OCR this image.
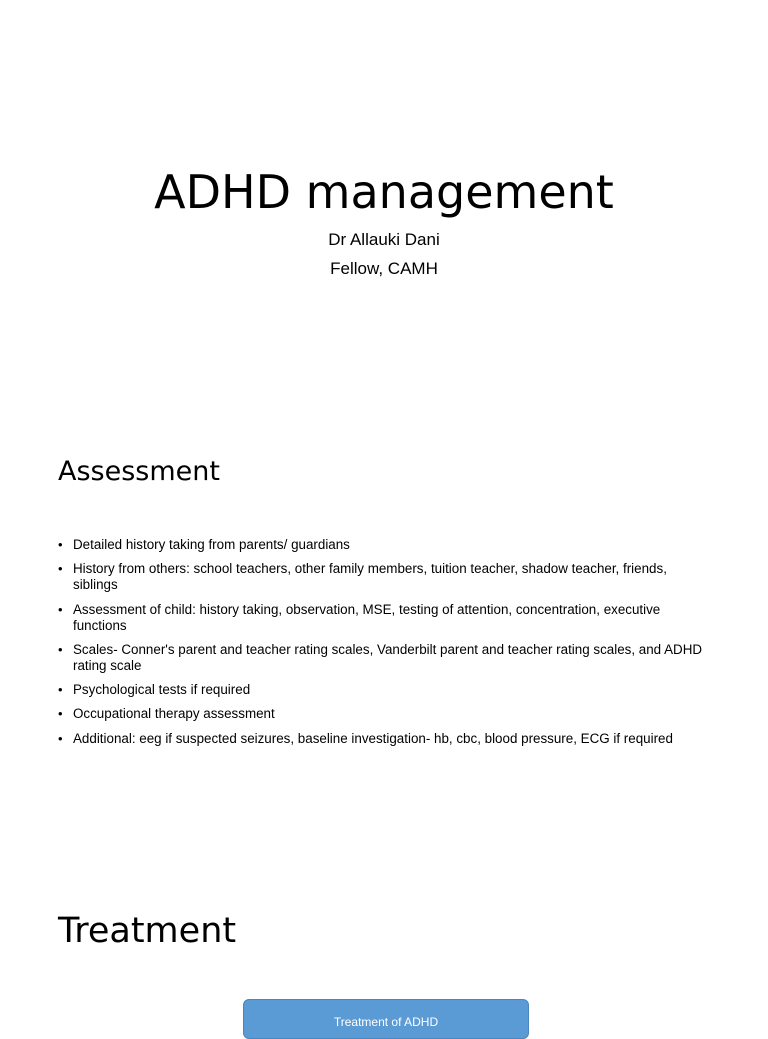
ADHD management

Dr Allauki Dani

Fellow, CAMH

Assessment
• Detailed history taking from parents/ guardians
• History from others: school teachers, other family members, tuition teacher, shadow teacher, friends, siblings
• Assessment of child: history taking, observation, MSE, testing of attention, concentration, executive functions
• Scales- Conner's parent and teacher rating scales, Vanderbilt parent and teacher rating scales, and ADHD rating scale
• Psychological tests if required
• Occupational therapy assessment
• Additional: eeg if suspected seizures, baseline investigation- hb, cbc, blood pressure, ECG if required
Treatment
Treatment of ADHD
